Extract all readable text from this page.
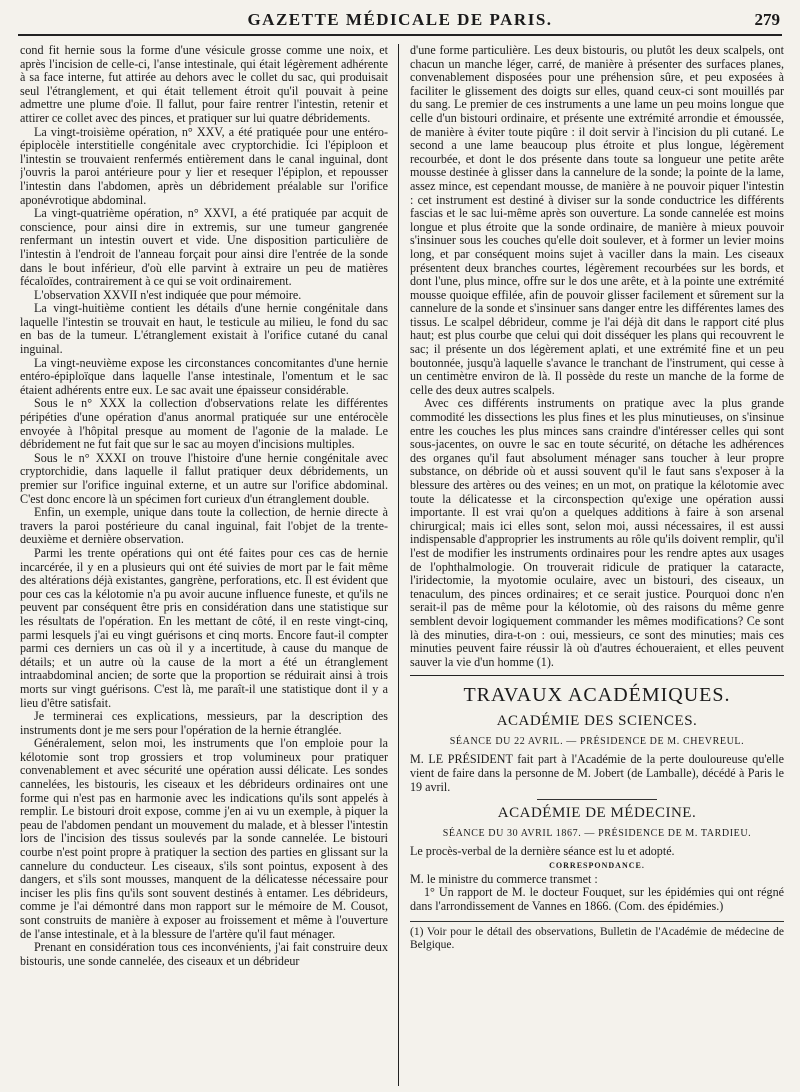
GAZETTE MÉDICALE DE PARIS.	279

cond fit hernie sous la forme d'une vésicule grosse comme une noix, et après l'incision de celle-ci, l'anse intestinale, qui était légèrement adhérente à sa face interne, fut attirée au dehors avec le collet du sac, qui produisait seul l'étranglement, et qui était tellement étroit qu'il pouvait à peine admettre une plume d'oie. Il fallut, pour faire rentrer l'intestin, retenir et attirer ce collet avec des pinces, et pratiquer sur lui quatre débridements.

La vingt-troisième opération, n° XXV, a été pratiquée pour une entéro-épiplocèle interstitielle congénitale avec cryptorchidie. Ici l'épiploon et l'intestin se trouvaient renfermés entièrement dans le canal inguinal, dont j'ouvris la paroi antérieure pour y lier et resequer l'épiplon, et repousser l'intestin dans l'abdomen, après un débridement préalable sur l'orifice aponévrotique abdominal.

La vingt-quatrième opération, n° XXVI, a été pratiquée par acquit de conscience, pour ainsi dire in extremis, sur une tumeur gangrenée renfermant un intestin ouvert et vide. Une disposition particulière de l'intestin à l'endroit de l'anneau forçait pour ainsi dire l'entrée de la sonde dans le bout inférieur, d'où elle parvint à extraire un peu de matières fécaloïdes, contrairement à ce qui se voit ordinairement.

L'observation XXVII n'est indiquée que pour mémoire.

La vingt-huitième contient les détails d'une hernie congénitale dans laquelle l'intestin se trouvait en haut, le testicule au milieu, le fond du sac en bas de la tumeur. L'étranglement existait à l'orifice cutané du canal inguinal.

La vingt-neuvième expose les circonstances concomitantes d'une hernie entéro-épiploïque dans laquelle l'anse intestinale, l'omentum et le sac étaient adhérents entre eux. Le sac avait une épaisseur considérable.

Sous le n° XXX la collection d'observations relate les différentes péripéties d'une opération d'anus anormal pratiquée sur une entérocèle envoyée à l'hôpital presque au moment de l'agonie de la malade. Le débridement ne fut fait que sur le sac au moyen d'incisions multiples.

Sous le n° XXXI on trouve l'histoire d'une hernie congénitale avec cryptorchidie, dans laquelle il fallut pratiquer deux débridements, un premier sur l'orifice inguinal externe, et un autre sur l'orifice abdominal. C'est donc encore là un spécimen fort curieux d'un étranglement double.

Enfin, un exemple, unique dans toute la collection, de hernie directe à travers la paroi postérieure du canal inguinal, fait l'objet de la trente-deuxième et dernière observation.

Parmi les trente opérations qui ont été faites pour ces cas de hernie incarcérée, il y en a plusieurs qui ont été suivies de mort par le fait même des altérations déjà existantes, gangrène, perforations, etc. Il est évident que pour ces cas la kélotomie n'a pu avoir aucune influence funeste, et qu'ils ne peuvent par conséquent être pris en considération dans une statistique sur les résultats de l'opération. En les mettant de côté, il en reste vingt-cinq, parmi lesquels j'ai eu vingt guérisons et cinq morts. Encore faut-il compter parmi ces derniers un cas où il y a incertitude, à cause du manque de détails; et un autre où la cause de la mort a été un étranglement intraabdominal ancien; de sorte que la proportion se réduirait ainsi à trois morts sur vingt guérisons. C'est là, me paraît-il une statistique dont il y a lieu d'être satisfait.

Je terminerai ces explications, messieurs, par la description des instruments dont je me sers pour l'opération de la hernie étranglée.

Généralement, selon moi, les instruments que l'on emploie pour la kélotomie sont trop grossiers et trop volumineux pour pratiquer convenablement et avec sécurité une opération aussi délicate. Les sondes cannelées, les bistouris, les ciseaux et les débrideurs ordinaires ont une forme qui n'est pas en harmonie avec les indications qu'ils sont appelés à remplir. Le bistouri droit expose, comme j'en ai vu un exemple, à piquer la peau de l'abdomen pendant un mouvement du malade, et à blesser l'intestin lors de l'incision des tissus soulevés par la sonde cannelée. Le bistouri courbe n'est point propre à pratiquer la section des parties en glissant sur la cannelure du conducteur. Les ciseaux, s'ils sont pointus, exposent à des dangers, et s'ils sont mousses, manquent de la délicatesse nécessaire pour inciser les plis fins qu'ils sont souvent destinés à entamer. Les débrideurs, comme je l'ai démontré dans mon rapport sur le mémoire de M. Cousot, sont construits de manière à exposer au froissement et même à l'ouverture de l'anse intestinale, et à la blessure de l'artère qu'il faut ménager.

Prenant en considération tous ces inconvénients, j'ai fait construire deux bistouris, une sonde cannelée, des ciseaux et un débrideur

d'une forme particulière. Les deux bistouris, ou plutôt les deux scalpels, ont chacun un manche léger, carré, de manière à présenter des surfaces planes, convenablement disposées pour une préhension sûre, et peu exposées à faciliter le glissement des doigts sur elles, quand ceux-ci sont mouillés par du sang. Le premier de ces instruments a une lame un peu moins longue que celle d'un bistouri ordinaire, et présente une extrémité arrondie et émoussée, de manière à éviter toute piqûre : il doit servir à l'incision du pli cutané. Le second a une lame beaucoup plus étroite et plus longue, légèrement recourbée, et dont le dos présente dans toute sa longueur une petite arête mousse destinée à glisser dans la cannelure de la sonde; la pointe de la lame, assez mince, est cependant mousse, de manière à ne pouvoir piquer l'intestin : cet instrument est destiné à diviser sur la sonde conductrice les différents fascias et le sac lui-même après son ouverture. La sonde cannelée est moins longue et plus étroite que la sonde ordinaire, de manière à mieux pouvoir s'insinuer sous les couches qu'elle doit soulever, et à former un levier moins long, et par conséquent moins sujet à vaciller dans la main. Les ciseaux présentent deux branches courtes, légèrement recourbées sur les bords, et dont l'une, plus mince, offre sur le dos une arête, et à la pointe une extrémité mousse quoique effilée, afin de pouvoir glisser facilement et sûrement sur la cannelure de la sonde et s'insinuer sans danger entre les différentes lames des tissus. Le scalpel débrideur, comme je l'ai déjà dit dans le rapport cité plus haut; est plus courbe que celui qui doit disséquer les plans qui recouvrent le sac; il présente un dos légèrement aplati, et une extrémité fine et un peu boutonnée, jusqu'à laquelle s'avance le tranchant de l'instrument, qui cesse à un centimètre environ de là. Il possède du reste un manche de la forme de celle des deux autres scalpels.

Avec ces différents instruments on pratique avec la plus grande commodité les dissections les plus fines et les plus minutieuses, on s'insinue entre les couches les plus minces sans craindre d'intéresser celles qui sont sous-jacentes, on ouvre le sac en toute sécurité, on détache les adhérences des organes qu'il faut absolument ménager sans toucher à leur propre substance, on débride où et aussi souvent qu'il le faut sans s'exposer à la blessure des artères ou des veines; en un mot, on pratique la kélotomie avec toute la délicatesse et la circonspection qu'exige une opération aussi importante. Il est vrai qu'on a quelques additions à faire à son arsenal chirurgical; mais ici elles sont, selon moi, aussi nécessaires, il est aussi indispensable d'approprier les instruments au rôle qu'ils doivent remplir, qu'il l'est de modifier les instruments ordinaires pour les rendre aptes aux usages de l'ophthalmologie. On trouverait ridicule de pratiquer la cataracte, l'iridectomie, la myotomie oculaire, avec un bistouri, des ciseaux, un tenaculum, des pinces ordinaires; et ce serait justice. Pourquoi donc n'en serait-il pas de même pour la kélotomie, où des raisons du même genre semblent devoir logiquement commander les mêmes modifications? Ce sont là des minuties, dira-t-on : oui, messieurs, ce sont des minuties; mais ces minuties peuvent faire réussir là où d'autres échoueraient, et elles peuvent sauver la vie d'un homme (1).

TRAVAUX ACADÉMIQUES.
ACADÉMIE DES SCIENCES.
SÉANCE DU 22 AVRIL. — PRÉSIDENCE DE M. CHEVREUL.

M. LE PRÉSIDENT fait part à l'Académie de la perte douloureuse qu'elle vient de faire dans la personne de M. Jobert (de Lamballe), décédé à Paris le 19 avril.

ACADÉMIE DE MÉDECINE.
SÉANCE DU 30 AVRIL 1867. — PRÉSIDENCE DE M. TARDIEU.

Le procès-verbal de la dernière séance est lu et adopté.

CORRESPONDANCE.

M. le ministre du commerce transmet :

1° Un rapport de M. le docteur Fouquet, sur les épidémies qui ont régné dans l'arrondissement de Vannes en 1866. (Com. des épidémies.)

(1) Voir pour le détail des observations, Bulletin de l'Académie de médecine de Belgique.
